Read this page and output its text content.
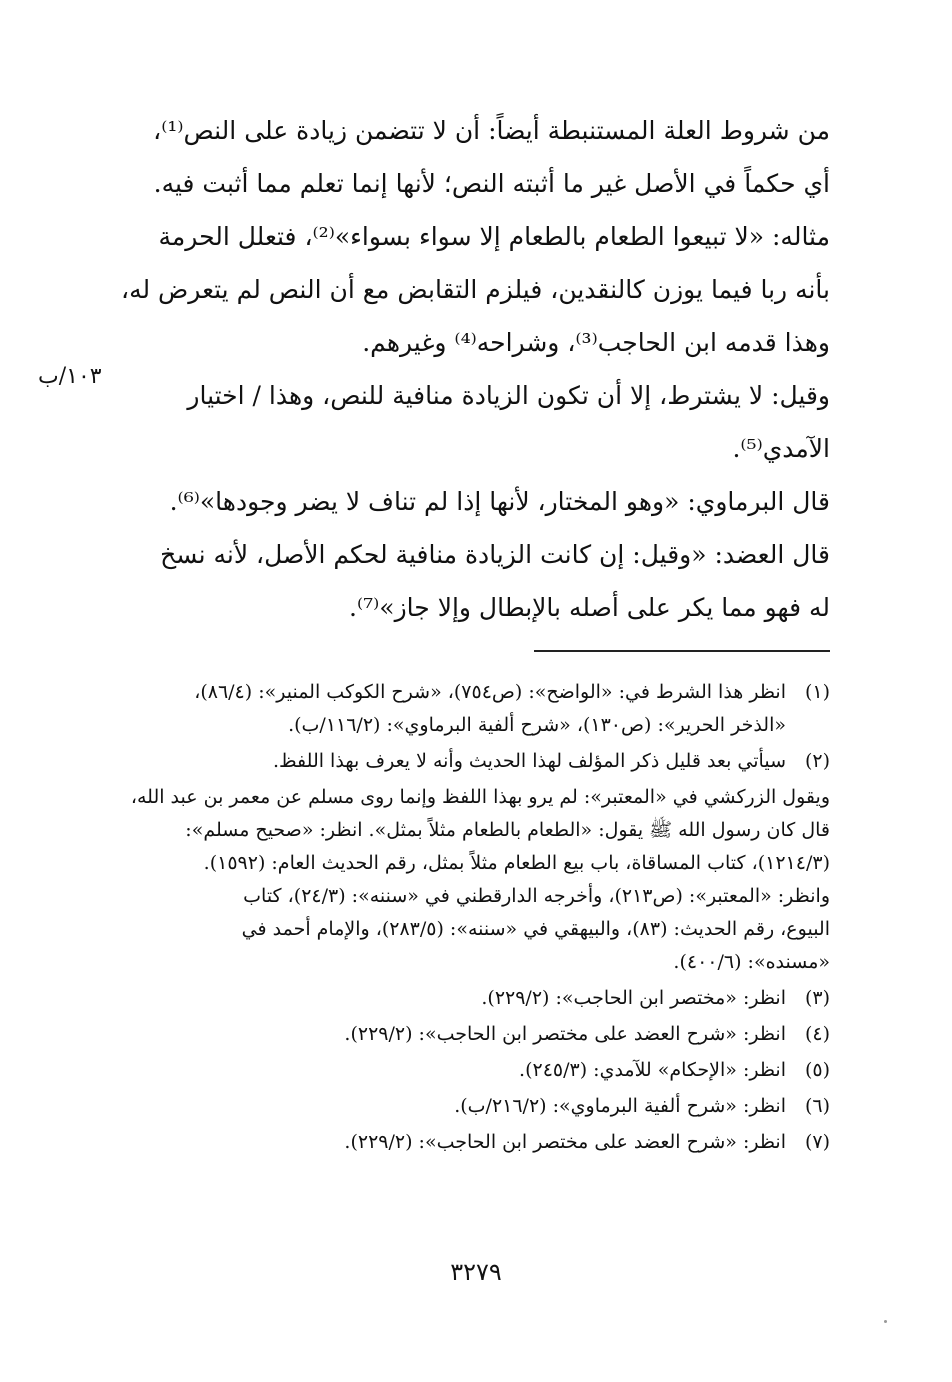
من شروط العلة المستنبطة أيضاً: أن لا تتضمن زيادة على النص⁽¹⁾،
أي حكماً في الأصل غير ما أثبته النص؛ لأنها إنما تعلم مما أثبت فيه.

مثاله: «لا تبيعوا الطعام بالطعام إلا سواء بسواء»⁽²⁾، فتعلل الحرمة
بأنه ربا فيما يوزن كالنقدين، فيلزم التقابض مع أن النص لم يتعرض له،
وهذا قدمه ابن الحاجب⁽³⁾، وشراحه⁽⁴⁾ وغيرهم.

وقيل: لا يشترط، إلا أن تكون الزيادة منافية للنص، وهذا / اختيار
الآمدي⁽⁵⁾.

قال البرماوي: «وهو المختار، لأنها إذا لم تناف لا يضر وجودها»⁽⁶⁾.

قال العضد: «وقيل: إن كانت الزيادة منافية لحكم الأصل، لأنه نسخ
له فهو مما يكر على أصله بالإبطال وإلا جاز»⁽⁷⁾.

١٠٣/ب
(١)
انظر هذا الشرط في: «الواضح»: (ص٧٥٤)، «شرح الكوكب المنير»: (٨٦/٤)،
«الذخر الحرير»: (ص١٣٠)، «شرح ألفية البرماوي»: (١١٦/٢/ب).
(٢)
سيأتي بعد قليل ذكر المؤلف لهذا الحديث وأنه لا يعرف بهذا اللفظ.
ويقول الزركشي في «المعتبر»: لم يرو بهذا اللفظ وإنما روى مسلم عن معمر بن عبد الله،
قال كان رسول الله ﷺ يقول: «الطعام بالطعام مثلاً بمثل». انظر: «صحيح مسلم»:
(١٢١٤/٣)، كتاب المساقاة، باب بيع الطعام مثلاً بمثل، رقم الحديث العام: (١٥٩٢).
وانظر: «المعتبر»: (ص٢١٣)، وأخرجه الدارقطني في «سننه»: (٢٤/٣)، كتاب
البيوع، رقم الحديث: (٨٣)، والبيهقي في «سننه»: (٢٨٣/٥)، والإمام أحمد في
«مسنده»: (٤٠٠/٦).
(٣)
انظر: «مختصر ابن الحاجب»: (٢٢٩/٢).
(٤)
انظر: «شرح العضد على مختصر ابن الحاجب»: (٢٢٩/٢).
(٥)
انظر: «الإحكام» للآمدي: (٢٤٥/٣).
(٦)
انظر: «شرح ألفية البرماوي»: (٢١٦/٢/ب).
(٧)
انظر: «شرح العضد على مختصر ابن الحاجب»: (٢٢٩/٢).
٣٢٧٩
